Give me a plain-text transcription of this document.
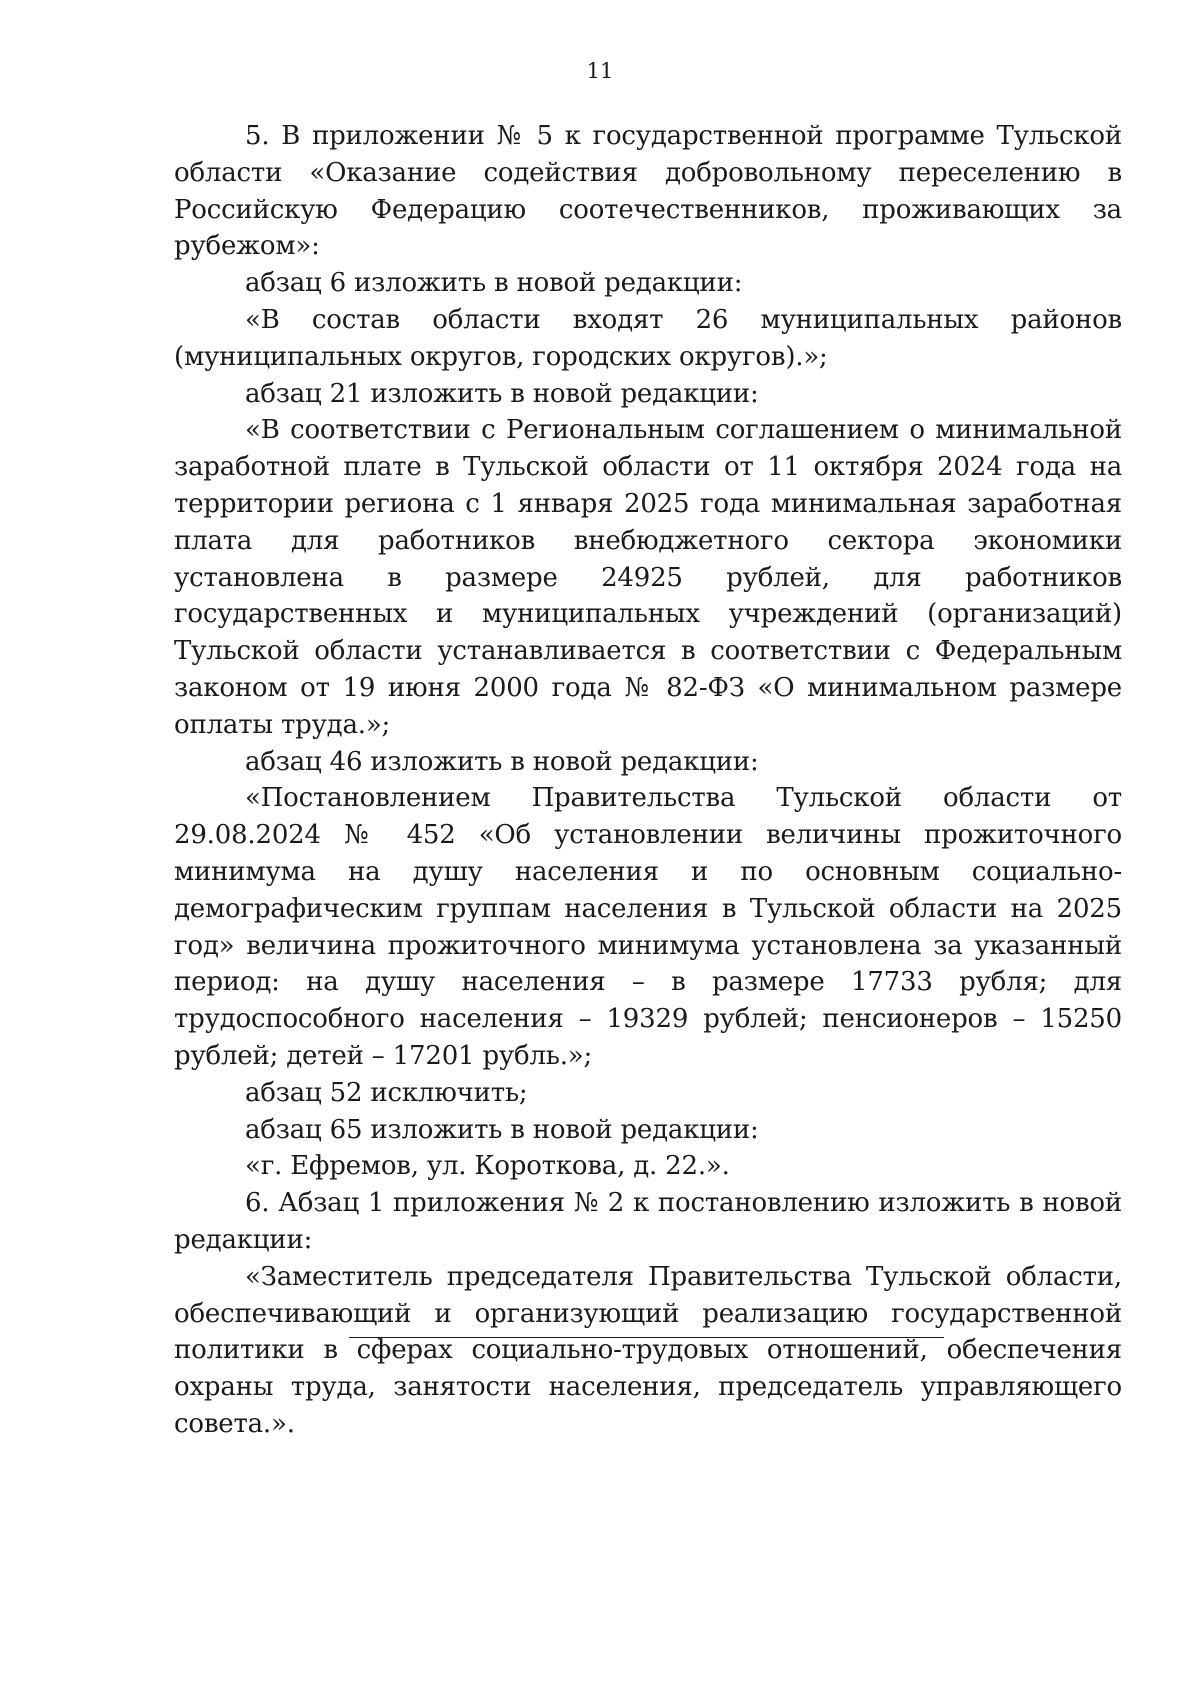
11

5. В приложении № 5 к государственной программе Тульской области «Оказание содействия добровольному переселению в Российскую Федерацию соотечественников, проживающих за рубежом»:

абзац 6 изложить в новой редакции:

«В состав области входят 26 муниципальных районов (муниципальных округов, городских округов).»;

абзац 21 изложить в новой редакции:

«В соответствии с Региональным соглашением о минимальной заработной плате в Тульской области от 11 октября 2024 года на территории региона с 1 января 2025 года минимальная заработная плата для работников внебюджетного сектора экономики установлена в размере 24925 рублей, для работников государственных и муниципальных учреждений (организаций) Тульской области устанавливается в соответствии с Федеральным законом от 19 июня 2000 года № 82-ФЗ «О минимальном размере оплаты труда.»;

абзац 46 изложить в новой редакции:

«Постановлением Правительства Тульской области от 29.08.2024 № 452 «Об установлении величины прожиточного минимума на душу населения и по основным социально-демографическим группам населения в Тульской области на 2025 год» величина прожиточного минимума установлена за указанный период: на душу населения – в размере 17733 рубля; для трудоспособного населения – 19329 рублей; пенсионеров – 15250 рублей; детей – 17201 рубль.»;

абзац 52 исключить;

абзац 65 изложить в новой редакции:

«г. Ефремов, ул. Короткова, д. 22.».

6. Абзац 1 приложения № 2 к постановлению изложить в новой редакции:

«Заместитель председателя Правительства Тульской области, обеспечивающий и организующий реализацию государственной политики в сферах социально-трудовых отношений, обеспечения охраны труда, занятости населения, председатель управляющего совета.».
